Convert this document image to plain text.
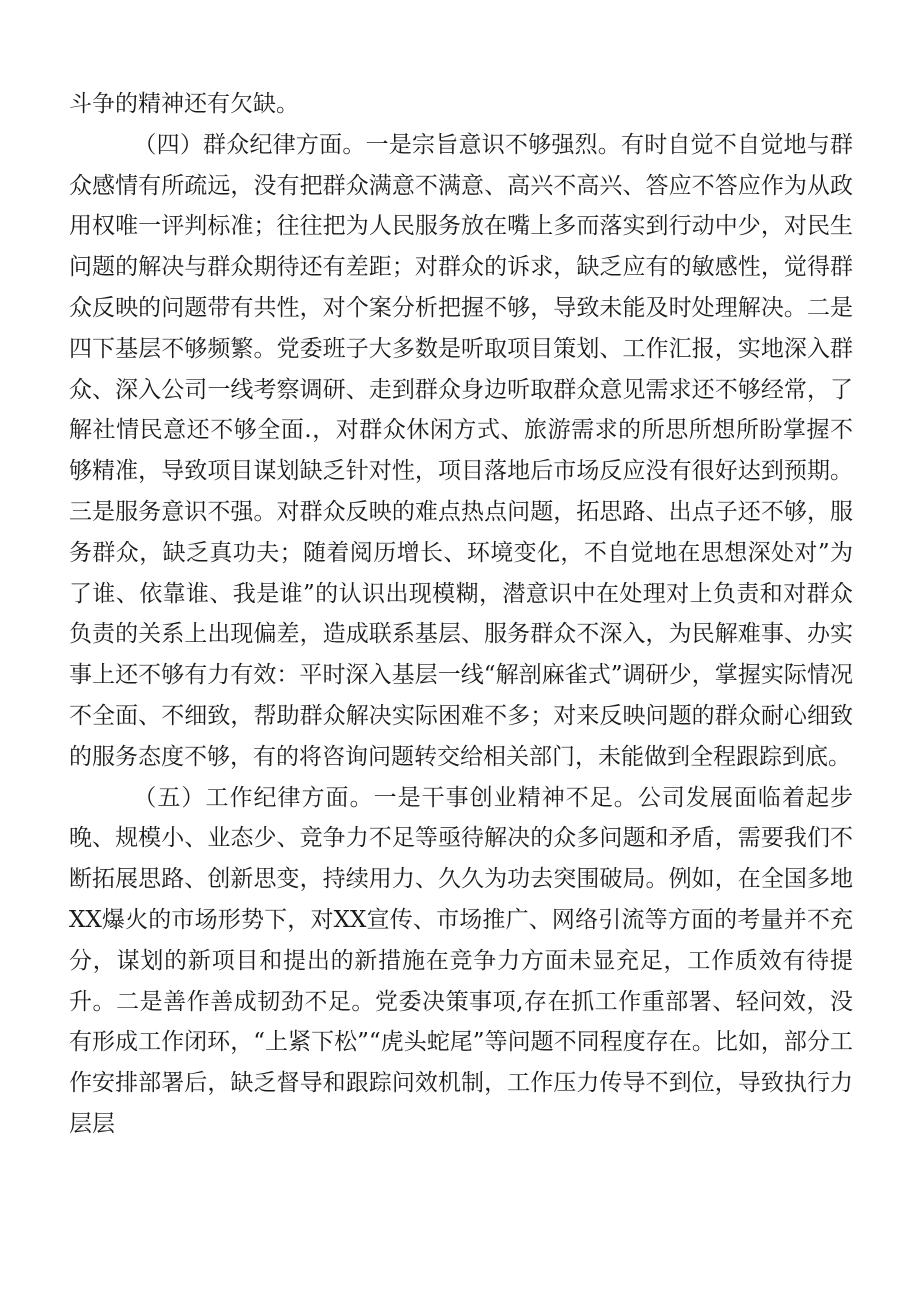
斗争的精神还有欠缺。

（四）群众纪律方面。一是宗旨意识不够强烈。有时自觉不自觉地与群众感情有所疏远，没有把群众满意不满意、高兴不高兴、答应不答应作为从政用权唯一评判标准；往往把为人民服务放在嘴上多而落实到行动中少，对民生问题的解决与群众期待还有差距；对群众的诉求，缺乏应有的敏感性，觉得群众反映的问题带有共性，对个案分析把握不够，导致未能及时处理解决。二是四下基层不够频繁。党委班子大多数是听取项目策划、工作汇报，实地深入群众、深入公司一线考察调研、走到群众身边听取群众意见需求还不够经常，了解社情民意还不够全面.，对群众休闲方式、旅游需求的所思所想所盼掌握不够精准，导致项目谋划缺乏针对性，项目落地后市场反应没有很好达到预期。三是服务意识不强。对群众反映的难点热点问题，拓思路、出点子还不够，服务群众，缺乏真功夫；随着阅历增长、环境变化，不自觉地在思想深处对”为了谁、依靠谁、我是谁”的认识出现模糊，潜意识中在处理对上负责和对群众负责的关系上出现偏差，造成联系基层、服务群众不深入，为民解难事、办实事上还不够有力有效：平时深入基层一线“解剖麻雀式”调研少，掌握实际情况不全面、不细致，帮助群众解决实际困难不多；对来反映问题的群众耐心细致的服务态度不够，有的将咨询问题转交给相关部门，未能做到全程跟踪到底。

（五）工作纪律方面。一是干事创业精神不足。公司发展面临着起步晚、规模小、业态少、竞争力不足等亟待解决的众多问题和矛盾，需要我们不断拓展思路、创新思变，持续用力、久久为功去突围破局。例如，在全国多地XX爆火的市场形势下，对XX宣传、市场推广、网络引流等方面的考量并不充分，谋划的新项目和提出的新措施在竞争力方面未显充足，工作质效有待提升。二是善作善成韧劲不足。党委决策事项,存在抓工作重部署、轻问效，没有形成工作闭环，“上紧下松”“虎头蛇尾”等问题不同程度存在。比如，部分工作安排部署后，缺乏督导和跟踪问效机制，工作压力传导不到位，导致执行力层层
